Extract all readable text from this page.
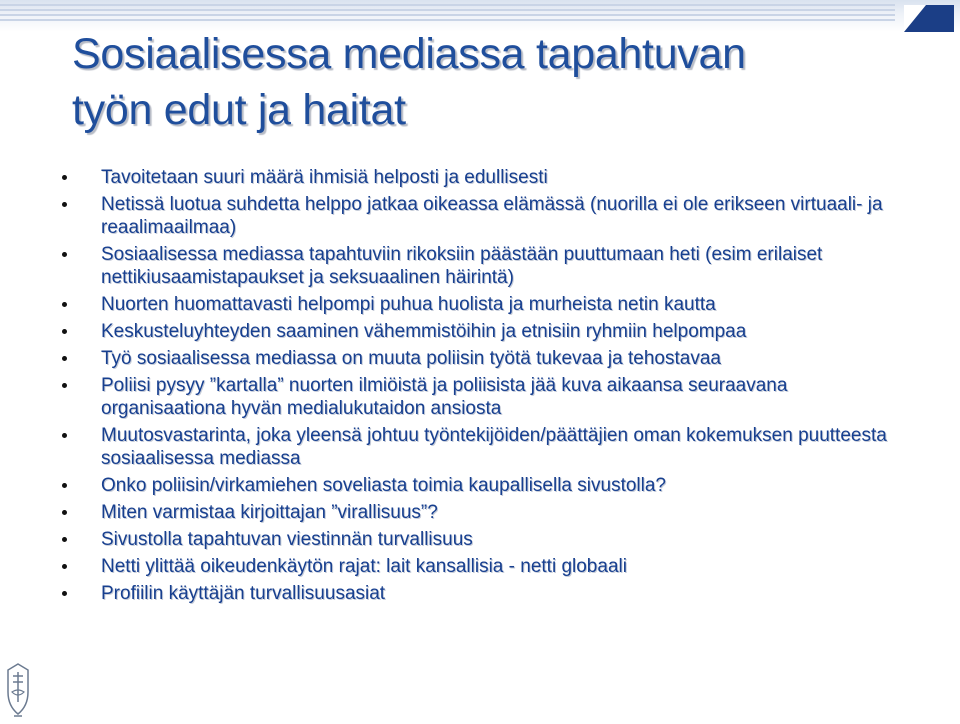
Sosiaalisessa mediassa tapahtuvan
työn edut ja haitat
Tavoitetaan suuri määrä ihmisiä helposti ja edullisesti
Netissä luotua suhdetta helppo jatkaa oikeassa elämässä (nuorilla ei ole erikseen virtuaali- ja reaalimaailmaa)
Sosiaalisessa mediassa tapahtuviin rikoksiin päästään puuttumaan heti (esim erilaiset nettikiusaamistapaukset ja seksuaalinen häirintä)
Nuorten huomattavasti helpompi puhua huolista ja murheista netin kautta
Keskusteluyhteyden saaminen vähemmistöihin ja etnisiin ryhmiin helpompaa
Työ sosiaalisessa mediassa on muuta poliisin työtä tukevaa ja tehostavaa
Poliisi pysyy ”kartalla” nuorten ilmiöistä ja poliisista jää kuva aikaansa seuraavana organisaationa hyvän medialukutaidon ansiosta
Muutosvastarinta, joka yleensä johtuu työntekijöiden/päättäjien oman kokemuksen puutteesta sosiaalisessa mediassa
Onko poliisin/virkamiehen soveliasta toimia kaupallisella sivustolla?
Miten varmistaa kirjoittajan ”virallisuus”?
Sivustolla tapahtuvan viestinnän turvallisuus
Netti ylittää oikeudenkäytön rajat: lait kansallisia - netti globaali
Profiilin käyttäjän turvallisuusasiat
